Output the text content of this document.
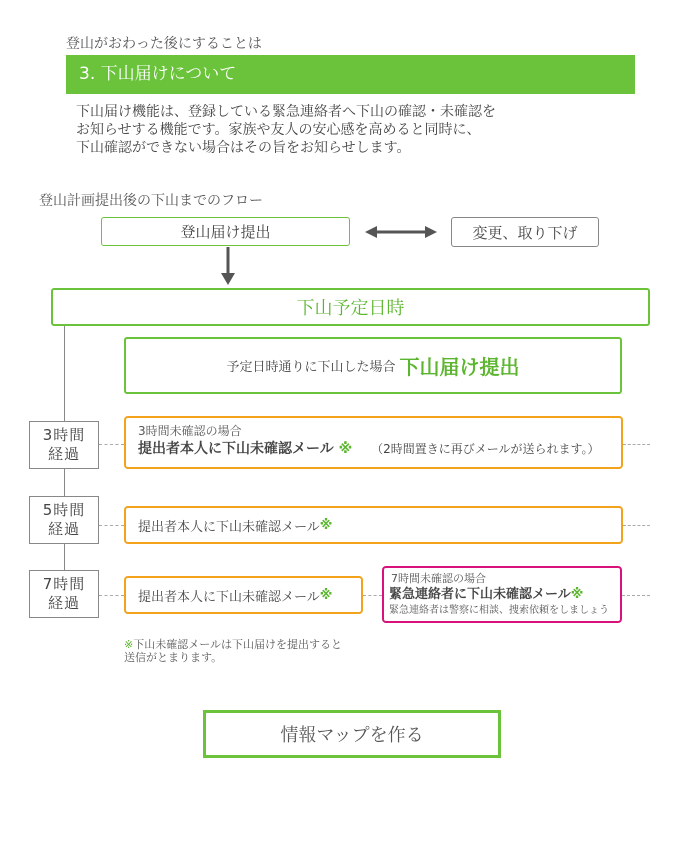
登山がおわった後にすることは
3. 下山届けについて
下山届け機能は、登録している緊急連絡者へ下山の確認・未確認を
お知らせする機能です。家族や友人の安心感を高めると同時に、
下山確認ができない場合はその旨をお知らせします。
登山計画提出後の下山までのフロー
登山届け提出	変更、取り下げ
下山予定日時
予定日時通りに下山した場合 下山届け提出
3時間
経過
3時間未確認の場合
提出者本人に下山未確認メール ※ （2時間置きに再びメールが送られます。）
5時間
経過	提出者本人に下山未確認メール ※
7時間
経過	提出者本人に下山未確認メール ※
7時間未確認の場合
緊急連絡者に下山未確認メール※
緊急連絡者は警察に相談、捜索依頼をしましょう
※下山未確認メールは下山届けを提出すると
送信がとまります。
情報マップを作る
